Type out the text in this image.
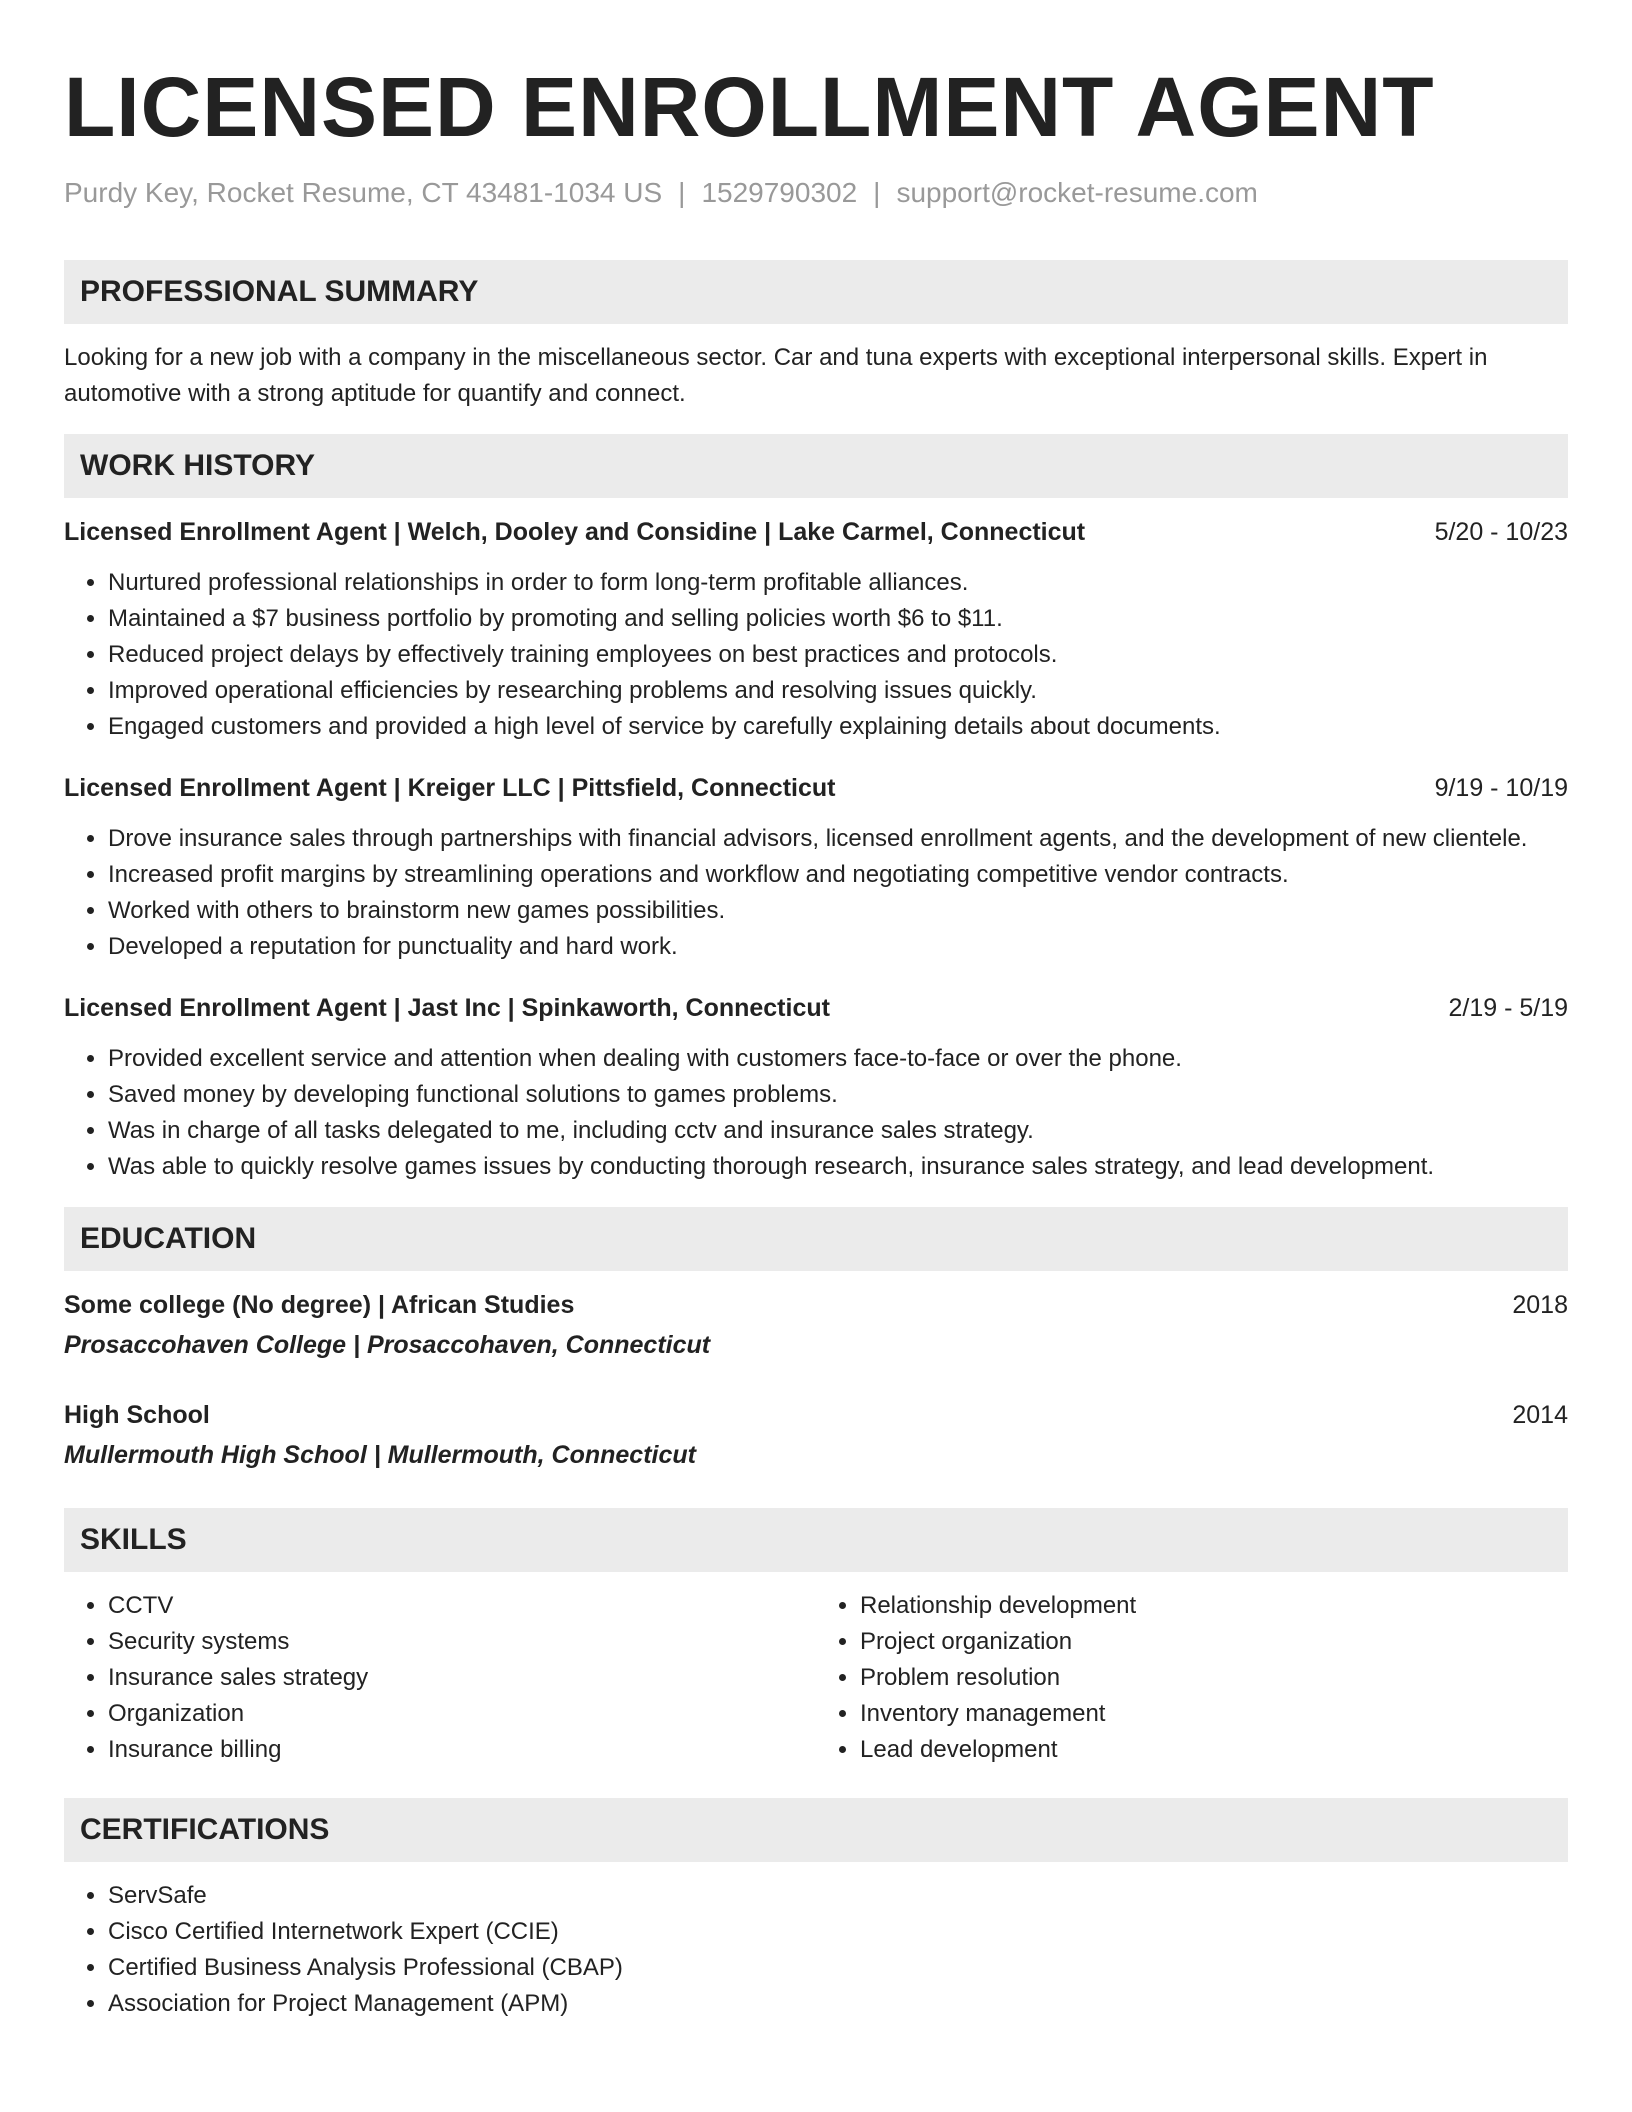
LICENSED ENROLLMENT AGENT
Purdy Key, Rocket Resume, CT 43481-1034 US | 1529790302 | support@rocket-resume.com
PROFESSIONAL SUMMARY

Looking for a new job with a company in the miscellaneous sector. Car and tuna experts with exceptional interpersonal skills. Expert in automotive with a strong aptitude for quantify and connect.

WORK HISTORY
Licensed Enrollment Agent | Welch, Dooley and Considine | Lake Carmel, Connecticut	5/20 - 10/23
• Nurtured professional relationships in order to form long-term profitable alliances.
• Maintained a $7 business portfolio by promoting and selling policies worth $6 to $11.
• Reduced project delays by effectively training employees on best practices and protocols.
• Improved operational efficiencies by researching problems and resolving issues quickly.
• Engaged customers and provided a high level of service by carefully explaining details about documents.
Licensed Enrollment Agent | Kreiger LLC | Pittsfield, Connecticut	9/19 - 10/19
• Drove insurance sales through partnerships with financial advisors, licensed enrollment agents, and the development of new clientele.
• Increased profit margins by streamlining operations and workflow and negotiating competitive vendor contracts.
• Worked with others to brainstorm new games possibilities.
• Developed a reputation for punctuality and hard work.
Licensed Enrollment Agent | Jast Inc | Spinkaworth, Connecticut	2/19 - 5/19
• Provided excellent service and attention when dealing with customers face-to-face or over the phone.
• Saved money by developing functional solutions to games problems.
• Was in charge of all tasks delegated to me, including cctv and insurance sales strategy.
• Was able to quickly resolve games issues by conducting thorough research, insurance sales strategy, and lead development.
EDUCATION
Some college (No degree) | African Studies	2018
Prosaccohaven College | Prosaccohaven, Connecticut
High School	2014
Mullermouth High School | Mullermouth, Connecticut
SKILLS
• CCTV
• Security systems
• Insurance sales strategy
• Organization
• Insurance billing
• Relationship development
• Project organization
• Problem resolution
• Inventory management
• Lead development
CERTIFICATIONS
• ServSafe
• Cisco Certified Internetwork Expert (CCIE)
• Certified Business Analysis Professional (CBAP)
• Association for Project Management (APM)
